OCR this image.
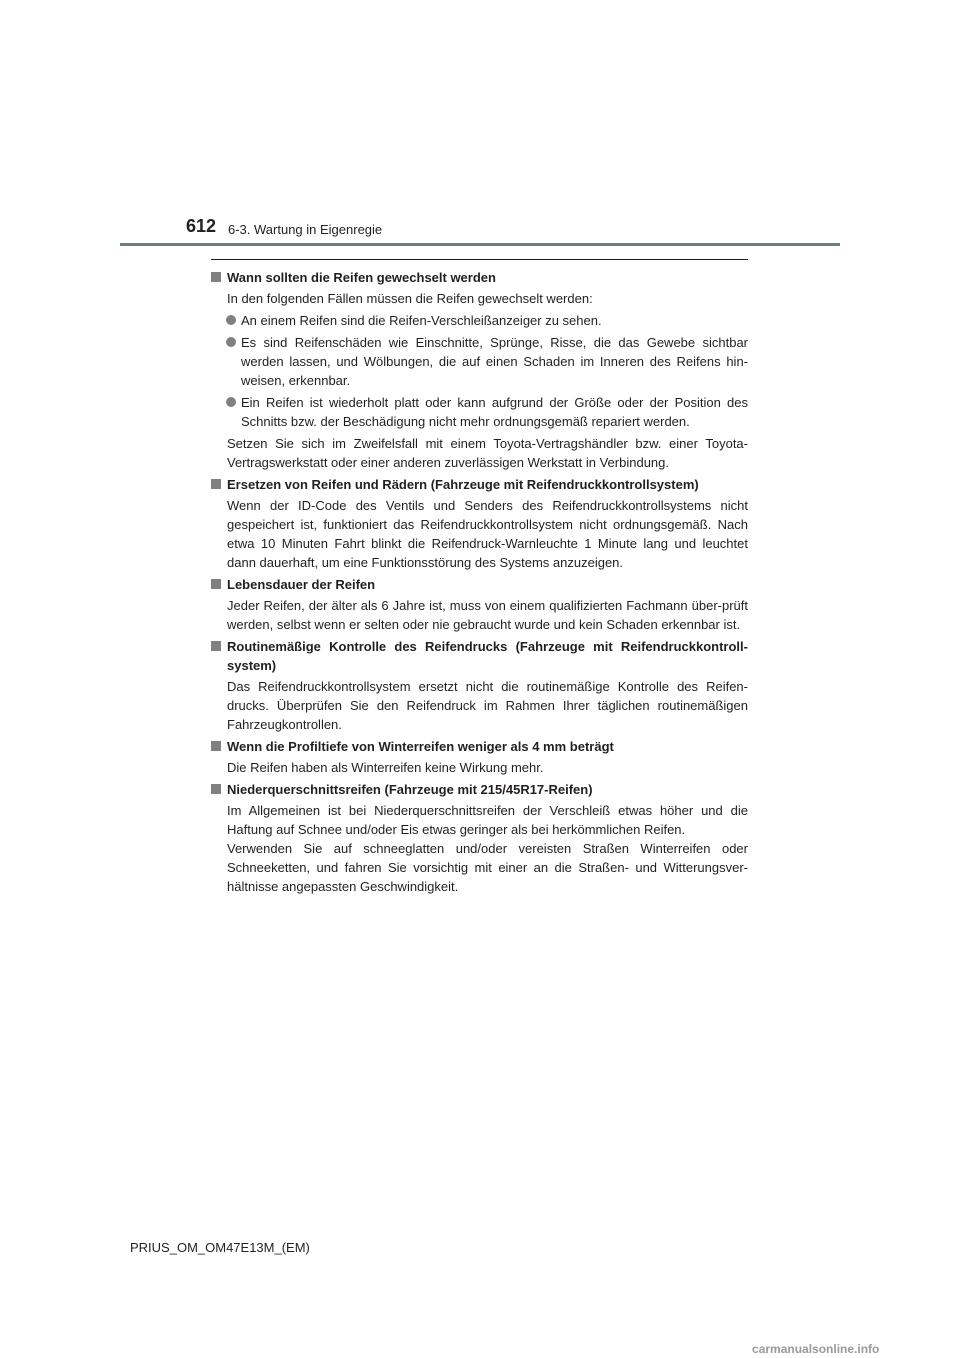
612 6-3. Wartung in Eigenregie
Wann sollten die Reifen gewechselt werden
In den folgenden Fällen müssen die Reifen gewechselt werden:
An einem Reifen sind die Reifen-Verschleißanzeiger zu sehen.
Es sind Reifenschäden wie Einschnitte, Sprünge, Risse, die das Gewebe sichtbar werden lassen, und Wölbungen, die auf einen Schaden im Inneren des Reifens hin-weisen, erkennbar.
Ein Reifen ist wiederholt platt oder kann aufgrund der Größe oder der Position des Schnitts bzw. der Beschädigung nicht mehr ordnungsgemäß repariert werden.
Setzen Sie sich im Zweifelsfall mit einem Toyota-Vertragshändler bzw. einer Toyota-Vertragswerkstatt oder einer anderen zuverlässigen Werkstatt in Verbindung.
Ersetzen von Reifen und Rädern (Fahrzeuge mit Reifendruckkontrollsystem)
Wenn der ID-Code des Ventils und Senders des Reifendruckkontrollsystems nicht gespeichert ist, funktioniert das Reifendruckkontrollsystem nicht ordnungsgemäß. Nach etwa 10 Minuten Fahrt blinkt die Reifendruck-Warnleuchte 1 Minute lang und leuchtet dann dauerhaft, um eine Funktionsstörung des Systems anzuzeigen.
Lebensdauer der Reifen
Jeder Reifen, der älter als 6 Jahre ist, muss von einem qualifizierten Fachmann über-prüft werden, selbst wenn er selten oder nie gebraucht wurde und kein Schaden erkennbar ist.
Routinemäßige Kontrolle des Reifendrucks (Fahrzeuge mit Reifendruckkontroll-system)
Das Reifendruckkontrollsystem ersetzt nicht die routinemäßige Kontrolle des Reifen-drucks. Überprüfen Sie den Reifendruck im Rahmen Ihrer täglichen routinemäßigen Fahrzeugkontrollen.
Wenn die Profiltiefe von Winterreifen weniger als 4 mm beträgt
Die Reifen haben als Winterreifen keine Wirkung mehr.
Niederquerschnittsreifen (Fahrzeuge mit 215/45R17-Reifen)
Im Allgemeinen ist bei Niederquerschnittsreifen der Verschleiß etwas höher und die Haftung auf Schnee und/oder Eis etwas geringer als bei herkömmlichen Reifen.
Verwenden Sie auf schneeglatten und/oder vereisten Straßen Winterreifen oder Schneeketten, und fahren Sie vorsichtig mit einer an die Straßen- und Witterungsver-hältnisse angepassten Geschwindigkeit.
PRIUS_OM_OM47E13M_(EM)
carmanualsonline.info
